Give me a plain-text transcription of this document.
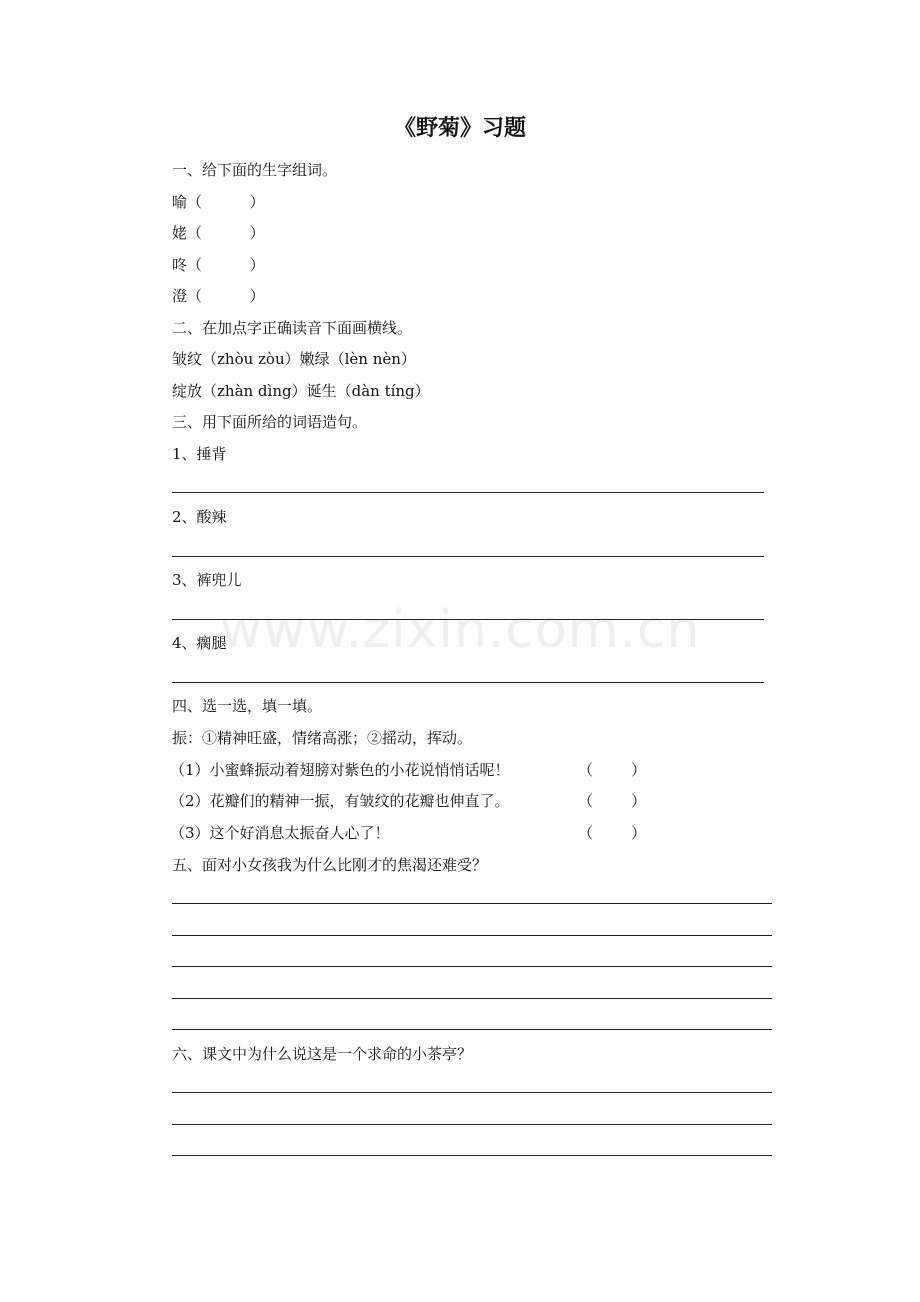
《野菊》习题
一、给下面的生字组词。
喻（          ）
姥（          ）
咚（          ）
澄（          ）
二、在加点字正确读音下面画横线。
皱纹（zhòu zòu）嫩绿（lèn nèn）
绽放（zhàn dìng）诞生（dàn tíng）
三、用下面所给的词语造句。
1、捶背
2、酸辣
3、裤兜儿
4、瘸腿
四、选一选，填一填。
振：①精神旺盛，情绪高涨；②摇动，挥动。
（1）小蜜蜂振动着翅膀对紫色的小花说悄悄话呢！	（        ）
（2）花瓣们的精神一振，有皱纹的花瓣也伸直了。	（        ）
（3）这个好消息太振奋人心了！	（        ）
五、面对小女孩我为什么比刚才的焦渴还难受？
六、课文中为什么说这是一个求命的小茶亭？
www.zixin.com.cn
